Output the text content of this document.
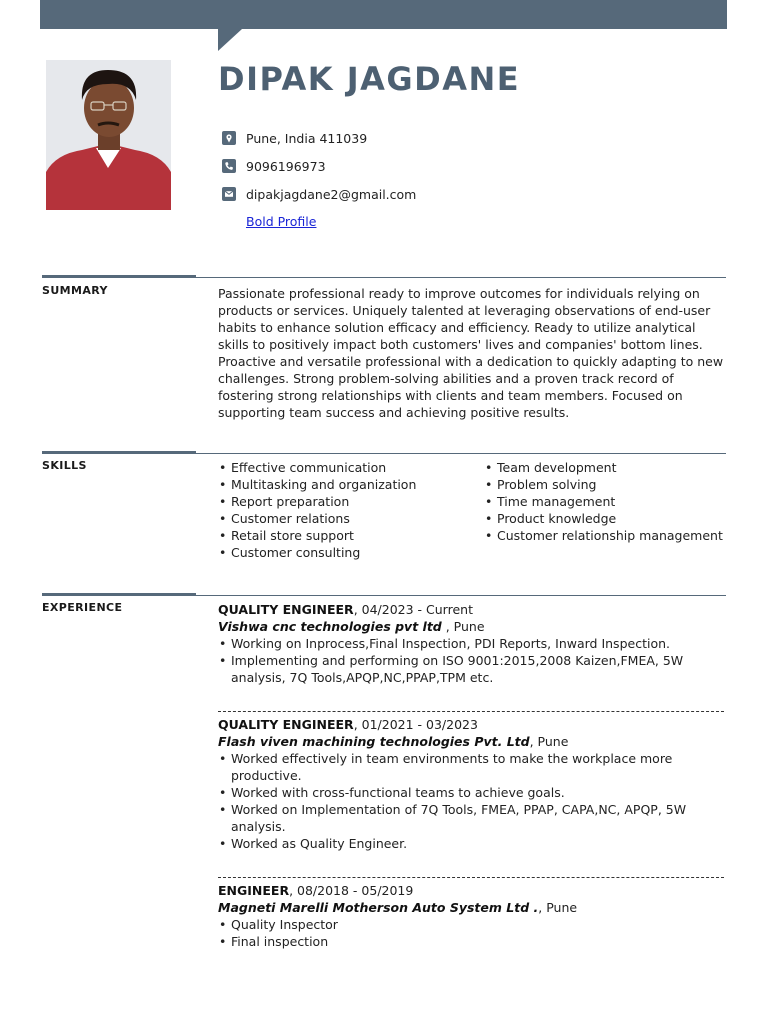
DIPAK JAGDANE
Pune, India 411039
9096196973
dipakjagdane2@gmail.com
Bold Profile
SUMMARY	Passionate professional ready to improve outcomes for individuals relying on products or services. Uniquely talented at leveraging observations of end-user habits to enhance solution efficacy and efficiency. Ready to utilize analytical skills to positively impact both customers' lives and companies' bottom lines. Proactive and versatile professional with a dedication to quickly adapting to new challenges. Strong problem-solving abilities and a proven track record of fostering strong relationships with clients and team members. Focused on supporting team success and achieving positive results.

SKILLS
•	Effective communication
• Multitasking and organization
• Report preparation
• Customer relations
• Retail store support
• Customer consulting
• Team development
• Problem solving
• Time management
• Product knowledge
• Customer relationship management
EXPERIENCE	QUALITY ENGINEER, 04/2023 - Current
Vishwa cnc technologies pvt ltd , Pune
• Working on Inprocess,Final Inspection, PDI Reports, Inward Inspection.
• Implementing and performing on ISO 9001:2015,2008 Kaizen,FMEA, 5W analysis, 7Q Tools,APQP,NC,PPAP,TPM etc.
QUALITY ENGINEER, 01/2021 - 03/2023
Flash viven machining technologies Pvt. Ltd, Pune
• Worked effectively in team environments to make the workplace more productive.
• Worked with cross-functional teams to achieve goals.
• Worked on Implementation of 7Q Tools, FMEA, PPAP, CAPA,NC, APQP, 5W analysis.
• Worked as Quality Engineer.
ENGINEER, 08/2018 - 05/2019
Magneti Marelli Motherson Auto System Ltd ., Pune
• Quality Inspector
• Final inspection
